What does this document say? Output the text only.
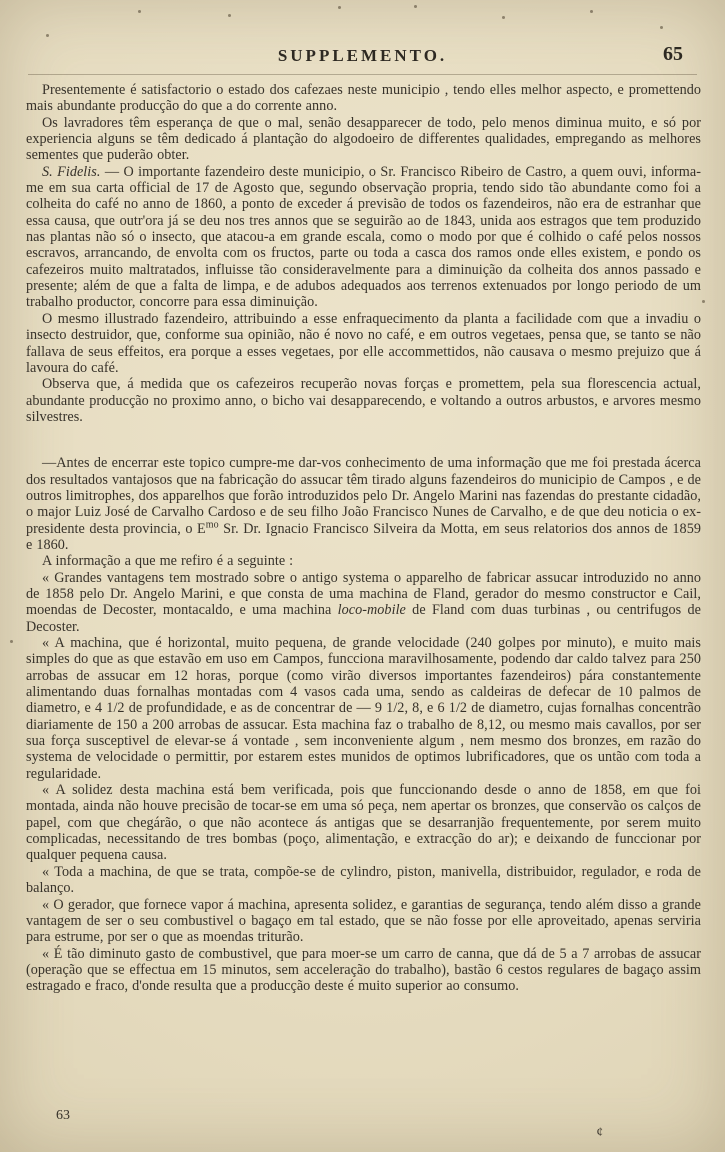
SUPPLEMENTO.	65

Presentemente é satisfactorio o estado dos cafezaes neste municipio , tendo elles melhor aspecto, e promettendo mais abundante producção do que a do corrente anno.

Os lavradores têm esperança de que o mal, senão desapparecer de todo, pelo menos diminua muito, e só por experiencia alguns se têm dedicado á plantação do algodoeiro de differentes qualidades, empregando as melhores sementes que puderão obter.

S. Fidelis. — O importante fazendeiro deste municipio, o Sr. Francisco Ribeiro de Castro, a quem ouvi, informa-me em sua carta official de 17 de Agosto que, segundo observação propria, tendo sido tão abundante como foi a colheita do café no anno de 1860, a ponto de exceder á previsão de todos os fazendeiros, não era de estranhar que essa causa, que outr'ora já se deu nos tres annos que se seguirão ao de 1843, unida aos estragos que tem produzido nas plantas não só o insecto, que atacou-a em grande escala, como o modo por que é colhido o café pelos nossos escravos, arrancando, de envolta com os fructos, parte ou toda a casca dos ramos onde elles existem, e pondo os cafezeiros muito maltratados, influisse tão consideravelmente para a diminuição da colheita dos annos passado e presente; além de que a falta de limpa, e de adubos adequados aos terrenos extenuados por longo periodo de um trabalho productor, concorre para essa diminuição.

O mesmo illustrado fazendeiro, attribuindo a esse enfraquecimento da planta a facilidade com que a invadiu o insecto destruidor, que, conforme sua opinião, não é novo no café, e em outros vegetaes, pensa que, se tanto se não fallava de seus effeitos, era porque a esses vegetaes, por elle accommettidos, não causava o mesmo prejuizo que á lavoura do café.

Observa que, á medida que os cafezeiros recuperão novas forças e promettem, pela sua florescencia actual, abundante producção no proximo anno, o bicho vai desapparecendo, e voltando a outros arbustos, e arvores mesmo silvestres.

—Antes de encerrar este topico cumpre-me dar-vos conhecimento de uma informação que me foi prestada ácerca dos resultados vantajosos que na fabricação do assucar têm tirado alguns fazendeiros do municipio de Campos , e de outros limitrophes, dos apparelhos que forão introduzidos pelo Dr. Angelo Marini nas fazendas do prestante cidadão, o major Luiz José de Carvalho Cardoso e de seu filho João Francisco Nunes de Carvalho, e de que deu noticia o ex-presidente desta provincia, o $E^{mo}$ Sr. Dr. Ignacio Francisco Silveira da Motta, em seus relatorios dos annos de 1859 e 1860.

A informação a que me refiro é a seguinte :

« Grandes vantagens tem mostrado sobre o antigo systema o apparelho de fabricar assucar introduzido no anno de 1858 pelo Dr. Angelo Marini, e que consta de uma machina de Fland, gerador do mesmo constructor e Cail, moendas de Decoster, montacaldo, e uma machina loco-mobile de Fland com duas turbinas , ou centrifugos de Decoster.

« A machina, que é horizontal, muito pequena, de grande velocidade (240 golpes por minuto), e muito mais simples do que as que estavão em uso em Campos, funcciona maravilhosamente, podendo dar caldo talvez para 250 arrobas de assucar em 12 horas, porque (como virão diversos importantes fazendeiros) pára constantemente alimentando duas fornalhas montadas com 4 vasos cada uma, sendo as caldeiras de defecar de 10 palmos de diametro, e 4 1/2 de profundidade, e as de concentrar de — 9 1/2, 8, e 6 1/2 de diametro, cujas fornalhas concentrão diariamente de 150 a 200 arrobas de assucar. Esta machina faz o trabalho de 8,12, ou mesmo mais cavallos, por ser sua força susceptivel de elevar-se á vontade , sem inconveniente algum , nem mesmo dos bronzes, em razão do systema de velocidade o permittir, por estarem estes munidos de optimos lubrificadores, que os untão com toda a regularidade.

« A solidez desta machina está bem verificada, pois que funccionando desde o anno de 1858, em que foi montada, ainda não houve precisão de tocar-se em uma só peça, nem apertar os bronzes, que conservão os calços de papel, com que chegárão, o que não acontece ás antigas que se desarranjão frequentemente, por serem muito complicadas, necessitando de tres bombas (poço, alimentação, e extracção do ar); e deixando de funccionar por qualquer pequena causa.

« Toda a machina, de que se trata, compõe-se de cylindro, piston, manivella, distribuidor, regulador, e roda de balanço.

« O gerador, que fornece vapor á machina, apresenta solidez, e garantias de segurança, tendo além disso a grande vantagem de ser o seu combustivel o bagaço em tal estado, que se não fosse por elle aproveitado, apenas serviria para estrume, por ser o que as moendas triturão.

« É tão diminuto gasto de combustivel, que para moer-se um carro de canna, que dá de 5 a 7 arrobas de assucar (operação que se effectua em 15 minutos, sem acceleração do trabalho), bastão 6 cestos regulares de bagaço assim estragado e fraco, d'onde resulta que a producção deste é muito superior ao consumo.

63
¢
